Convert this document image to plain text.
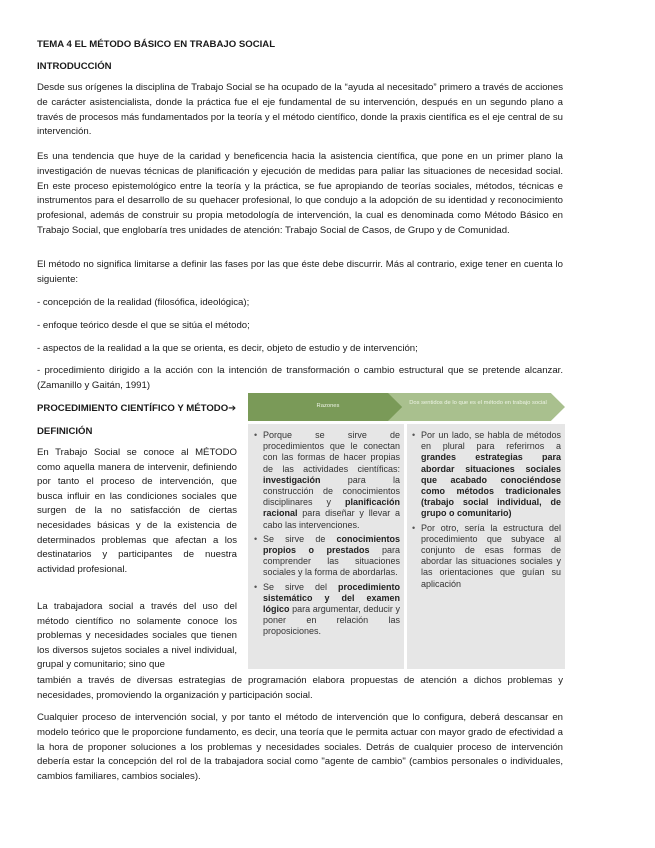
TEMA 4 EL MÉTODO BÁSICO EN TRABAJO SOCIAL

INTRODUCCIÓN

Desde sus orígenes la disciplina de Trabajo Social se ha ocupado de la “ayuda al necesitado” primero a través de acciones de carácter asistencialista, donde la práctica fue el eje fundamental de su intervención, después en un segundo plano a través de procesos más fundamentados por la teoría y el método científico, donde la praxis científica es el eje central de su intervención.

Es una tendencia que huye de la caridad y beneficencia hacia la asistencia científica, que pone en un primer plano la investigación de nuevas técnicas de planificación y ejecución de medidas para paliar las situaciones de necesidad social. En este proceso epistemológico entre la teoría y la práctica, se fue apropiando de teorías sociales, métodos, técnicas e instrumentos para el desarrollo de su quehacer profesional, lo que condujo a la adopción de su identidad y reconocimiento profesional, además de construir su propia metodología de intervención, la cual es denominada como Método Básico en Trabajo Social, que englobaría tres unidades de atención: Trabajo Social de Casos, de Grupo y de Comunidad.

El método no significa limitarse a definir las fases por las que éste debe discurrir. Más al contrario, exige tener en cuenta lo siguiente:

- concepción de la realidad (filosófica, ideológica);

- enfoque teórico desde el que se sitúa el método;

- aspectos de la realidad a la que se orienta, es decir, objeto de estudio y de intervención;

- procedimiento dirigido a la acción con la intención de transformación o cambio estructural que se pretende alcanzar. (Zamanillo y Gaitán, 1991)

PROCEDIMIENTO CIENTÍFICO Y MÉTODO➔

DEFINICIÓN

En Trabajo Social se conoce al MÉTODO como aquella manera de intervenir, definiendo por tanto el proceso de intervención, que busca influir en las condiciones sociales que surgen de la no satisfacción de ciertas necesidades básicas y de la existencia de determinados problemas que afectan a los destinatarios y participantes de nuestra actividad profesional.

La trabajadora social a través del uso del método científico no solamente conoce los problemas y necesidades sociales que tienen los diversos sujetos sociales a nivel individual, grupal y comunitario; sino que

también a través de diversas estrategias de programación elabora propuestas de atención a dichos problemas y necesidades, promoviendo la organización y participación social.

Cualquier proceso de intervención social, y por tanto el método de intervención que lo configura, deberá descansar en modelo teórico que le proporcione fundamento, es decir, una teoría que le permita actuar con mayor grado de efectividad a la hora de proponer soluciones a los problemas y necesidades sociales. Detrás de cualquier proceso de intervención debería estar la concepción del rol de la trabajadora social como "agente de cambio" (cambios personales o individuales, cambios familiares, cambios sociales).

Razones	Dos sentidos de lo que es el método en trabajo social
• Porque se sirve de procedimientos que le conectan con las formas de hacer propias de las actividades científicas: investigación para la construcción de conocimientos disciplinares y planificación racional para diseñar y llevar a cabo las intervenciones.
• Se sirve de conocimientos propios o prestados para comprender las situaciones sociales y la forma de abordarlas.
• Se sirve del procedimiento sistemático y del examen lógico para argumentar, deducir y poner en relación las proposiciones.
• Por un lado, se habla de métodos en plural para referirnos a grandes estrategias para abordar situaciones sociales que acabado conociéndose como métodos tradicionales (trabajo social individual, de grupo o comunitario)
• Por otro, sería la estructura del procedimiento que subyace al conjunto de esas formas de abordar las situaciones sociales y las orientaciones que guían su aplicación
